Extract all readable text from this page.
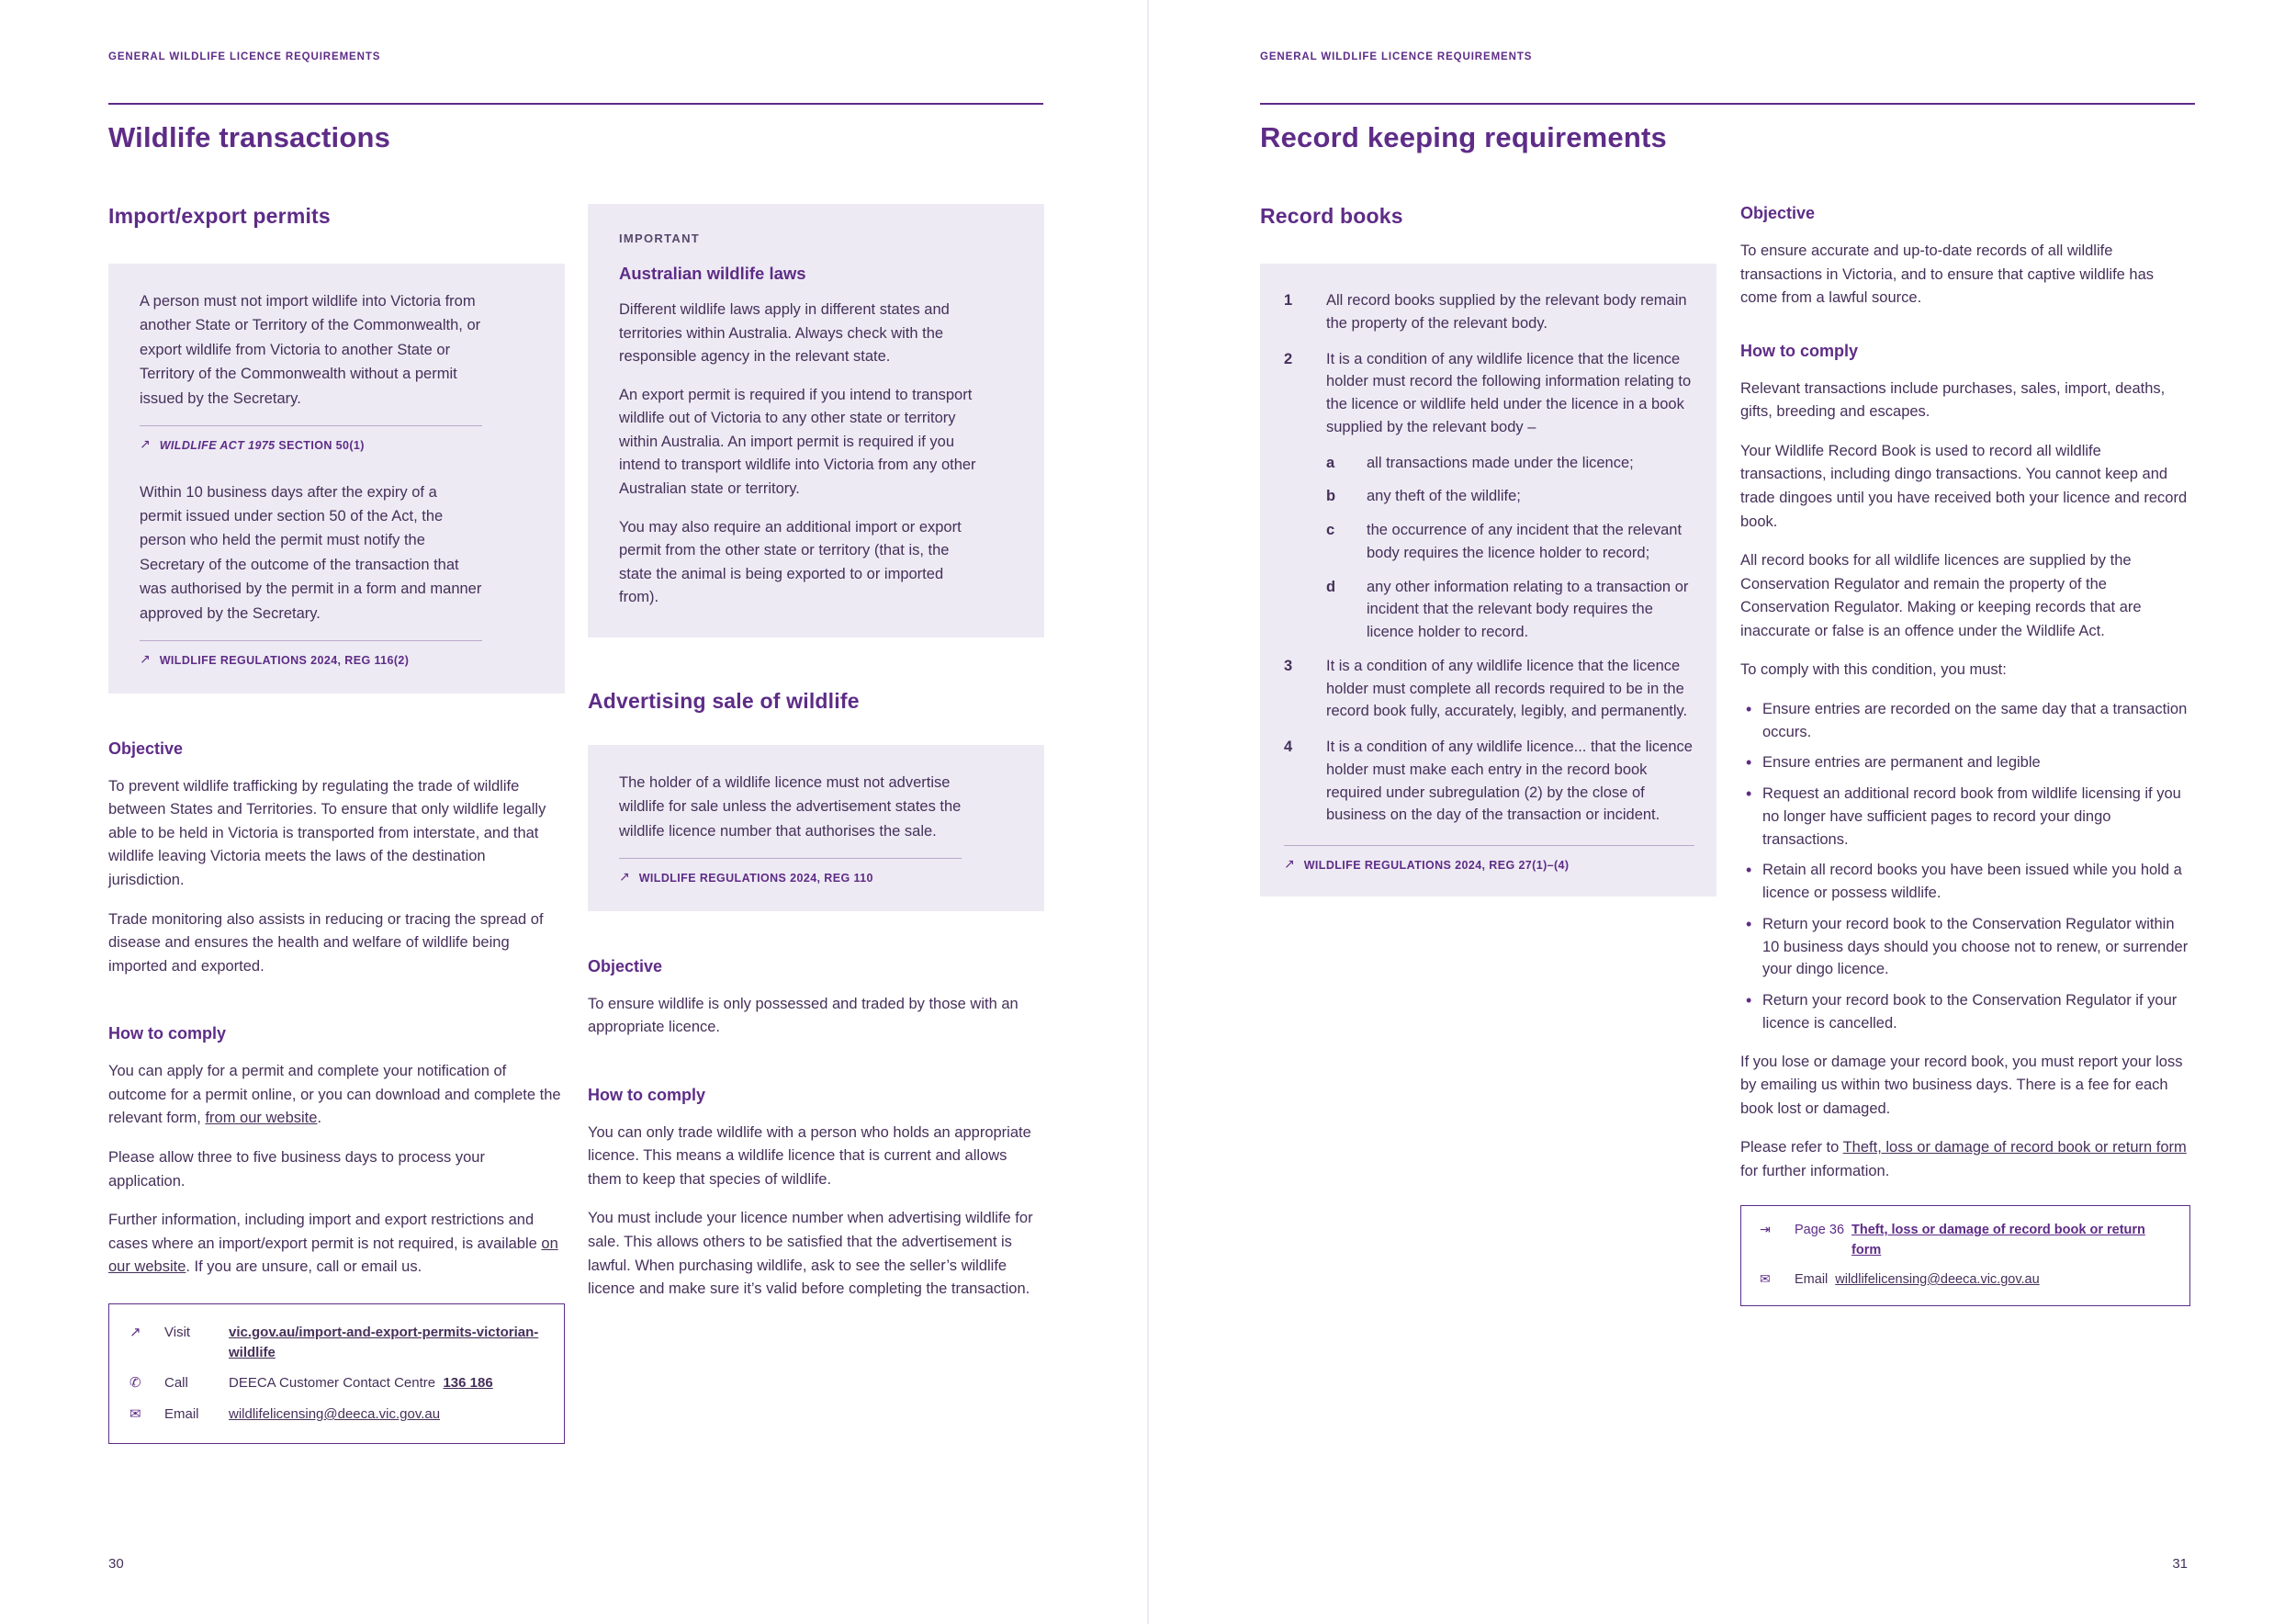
GENERAL WILDLIFE LICENCE REQUIREMENTS
Wildlife transactions
Import/export permits

A person must not import wildlife into Victoria from another State or Territory of the Commonwealth, or export wildlife from Victoria to another State or Territory of the Commonwealth without a permit issued by the Secretary.

↗ WILDLIFE ACT 1975 SECTION 50(1)

Within 10 business days after the expiry of a permit issued under section 50 of the Act, the person who held the permit must notify the Secretary of the outcome of the transaction that was authorised by the permit in a form and manner approved by the Secretary.

↗ WILDLIFE REGULATIONS 2024, REG 116(2)
Objective

To prevent wildlife trafficking by regulating the trade of wildlife between States and Territories. To ensure that only wildlife legally able to be held in Victoria is transported from interstate, and that wildlife leaving Victoria meets the laws of the destination jurisdiction.

Trade monitoring also assists in reducing or tracing the spread of disease and ensures the health and welfare of wildlife being imported and exported.

How to comply

You can apply for a permit and complete your notification of outcome for a permit online, or you can download and complete the relevant form, from our website.

Please allow three to five business days to process your application.

Further information, including import and export restrictions and cases where an import/export permit is not required, is available on our website. If you are unsure, call or email us.

↗	Visit	vic.gov.au/import-and-export-permits-victorian-wildlife
✆	Call	DEECA Customer Contact Centre 136 186
✉	Email	wildlifelicensing@deeca.vic.gov.au
IMPORTANT
Australian wildlife laws

Different wildlife laws apply in different states and territories within Australia. Always check with the responsible agency in the relevant state.

An export permit is required if you intend to transport wildlife out of Victoria to any other state or territory within Australia. An import permit is required if you intend to transport wildlife into Victoria from any other Australian state or territory.

You may also require an additional import or export permit from the other state or territory (that is, the state the animal is being exported to or imported from).

Advertising sale of wildlife

The holder of a wildlife licence must not advertise wildlife for sale unless the advertisement states the wildlife licence number that authorises the sale.

↗ WILDLIFE REGULATIONS 2024, REG 110
Objective

To ensure wildlife is only possessed and traded by those with an appropriate licence.

How to comply

You can only trade wildlife with a person who holds an appropriate licence. This means a wildlife licence that is current and allows them to keep that species of wildlife.

You must include your licence number when advertising wildlife for sale. This allows others to be satisfied that the advertisement is lawful. When purchasing wildlife, ask to see the seller’s wildlife licence and make sure it’s valid before completing the transaction.

30
GENERAL WILDLIFE LICENCE REQUIREMENTS
Record keeping requirements
Record books
1	All record books supplied by the relevant body remain the property of the relevant body.
2	It is a condition of any wildlife licence that the licence holder must record the following information relating to the licence or wildlife held under the licence in a book supplied by the relevant body –
a	all transactions made under the licence;
b	any theft of the wildlife;
c	the occurrence of any incident that the relevant body requires the licence holder to record;
d	any other information relating to a transaction or incident that the relevant body requires the licence holder to record.
3	It is a condition of any wildlife licence that the licence holder must complete all records required to be in the record book fully, accurately, legibly, and permanently.
4	It is a condition of any wildlife licence... that the licence holder must make each entry in the record book required under subregulation (2) by the close of business on the day of the transaction or incident.
↗ WILDLIFE REGULATIONS 2024, REG 27(1)–(4)
Objective

To ensure accurate and up-to-date records of all wildlife transactions in Victoria, and to ensure that captive wildlife has come from a lawful source.

How to comply

Relevant transactions include purchases, sales, import, deaths, gifts, breeding and escapes.

Your Wildlife Record Book is used to record all wildlife transactions, including dingo transactions. You cannot keep and trade dingoes until you have received both your licence and record book.

All record books for all wildlife licences are supplied by the Conservation Regulator and remain the property of the Conservation Regulator. Making or keeping records that are inaccurate or false is an offence under the Wildlife Act.

To comply with this condition, you must:

• Ensure entries are recorded on the same day that a transaction occurs.
• Ensure entries are permanent and legible
• Request an additional record book from wildlife licensing if you no longer have sufficient pages to record your dingo transactions.
• Retain all record books you have been issued while you hold a licence or possess wildlife.
• Return your record book to the Conservation Regulator within 10 business days should you choose not to renew, or surrender your dingo licence.
• Return your record book to the Conservation Regulator if your licence is cancelled.

If you lose or damage your record book, you must report your loss by emailing us within two business days. There is a fee for each book lost or damaged.

Please refer to Theft, loss or damage of record book or return form for further information.

⇥	Page 36 Theft, loss or damage of record book or return form
✉	Email wildlifelicensing@deeca.vic.gov.au
31
